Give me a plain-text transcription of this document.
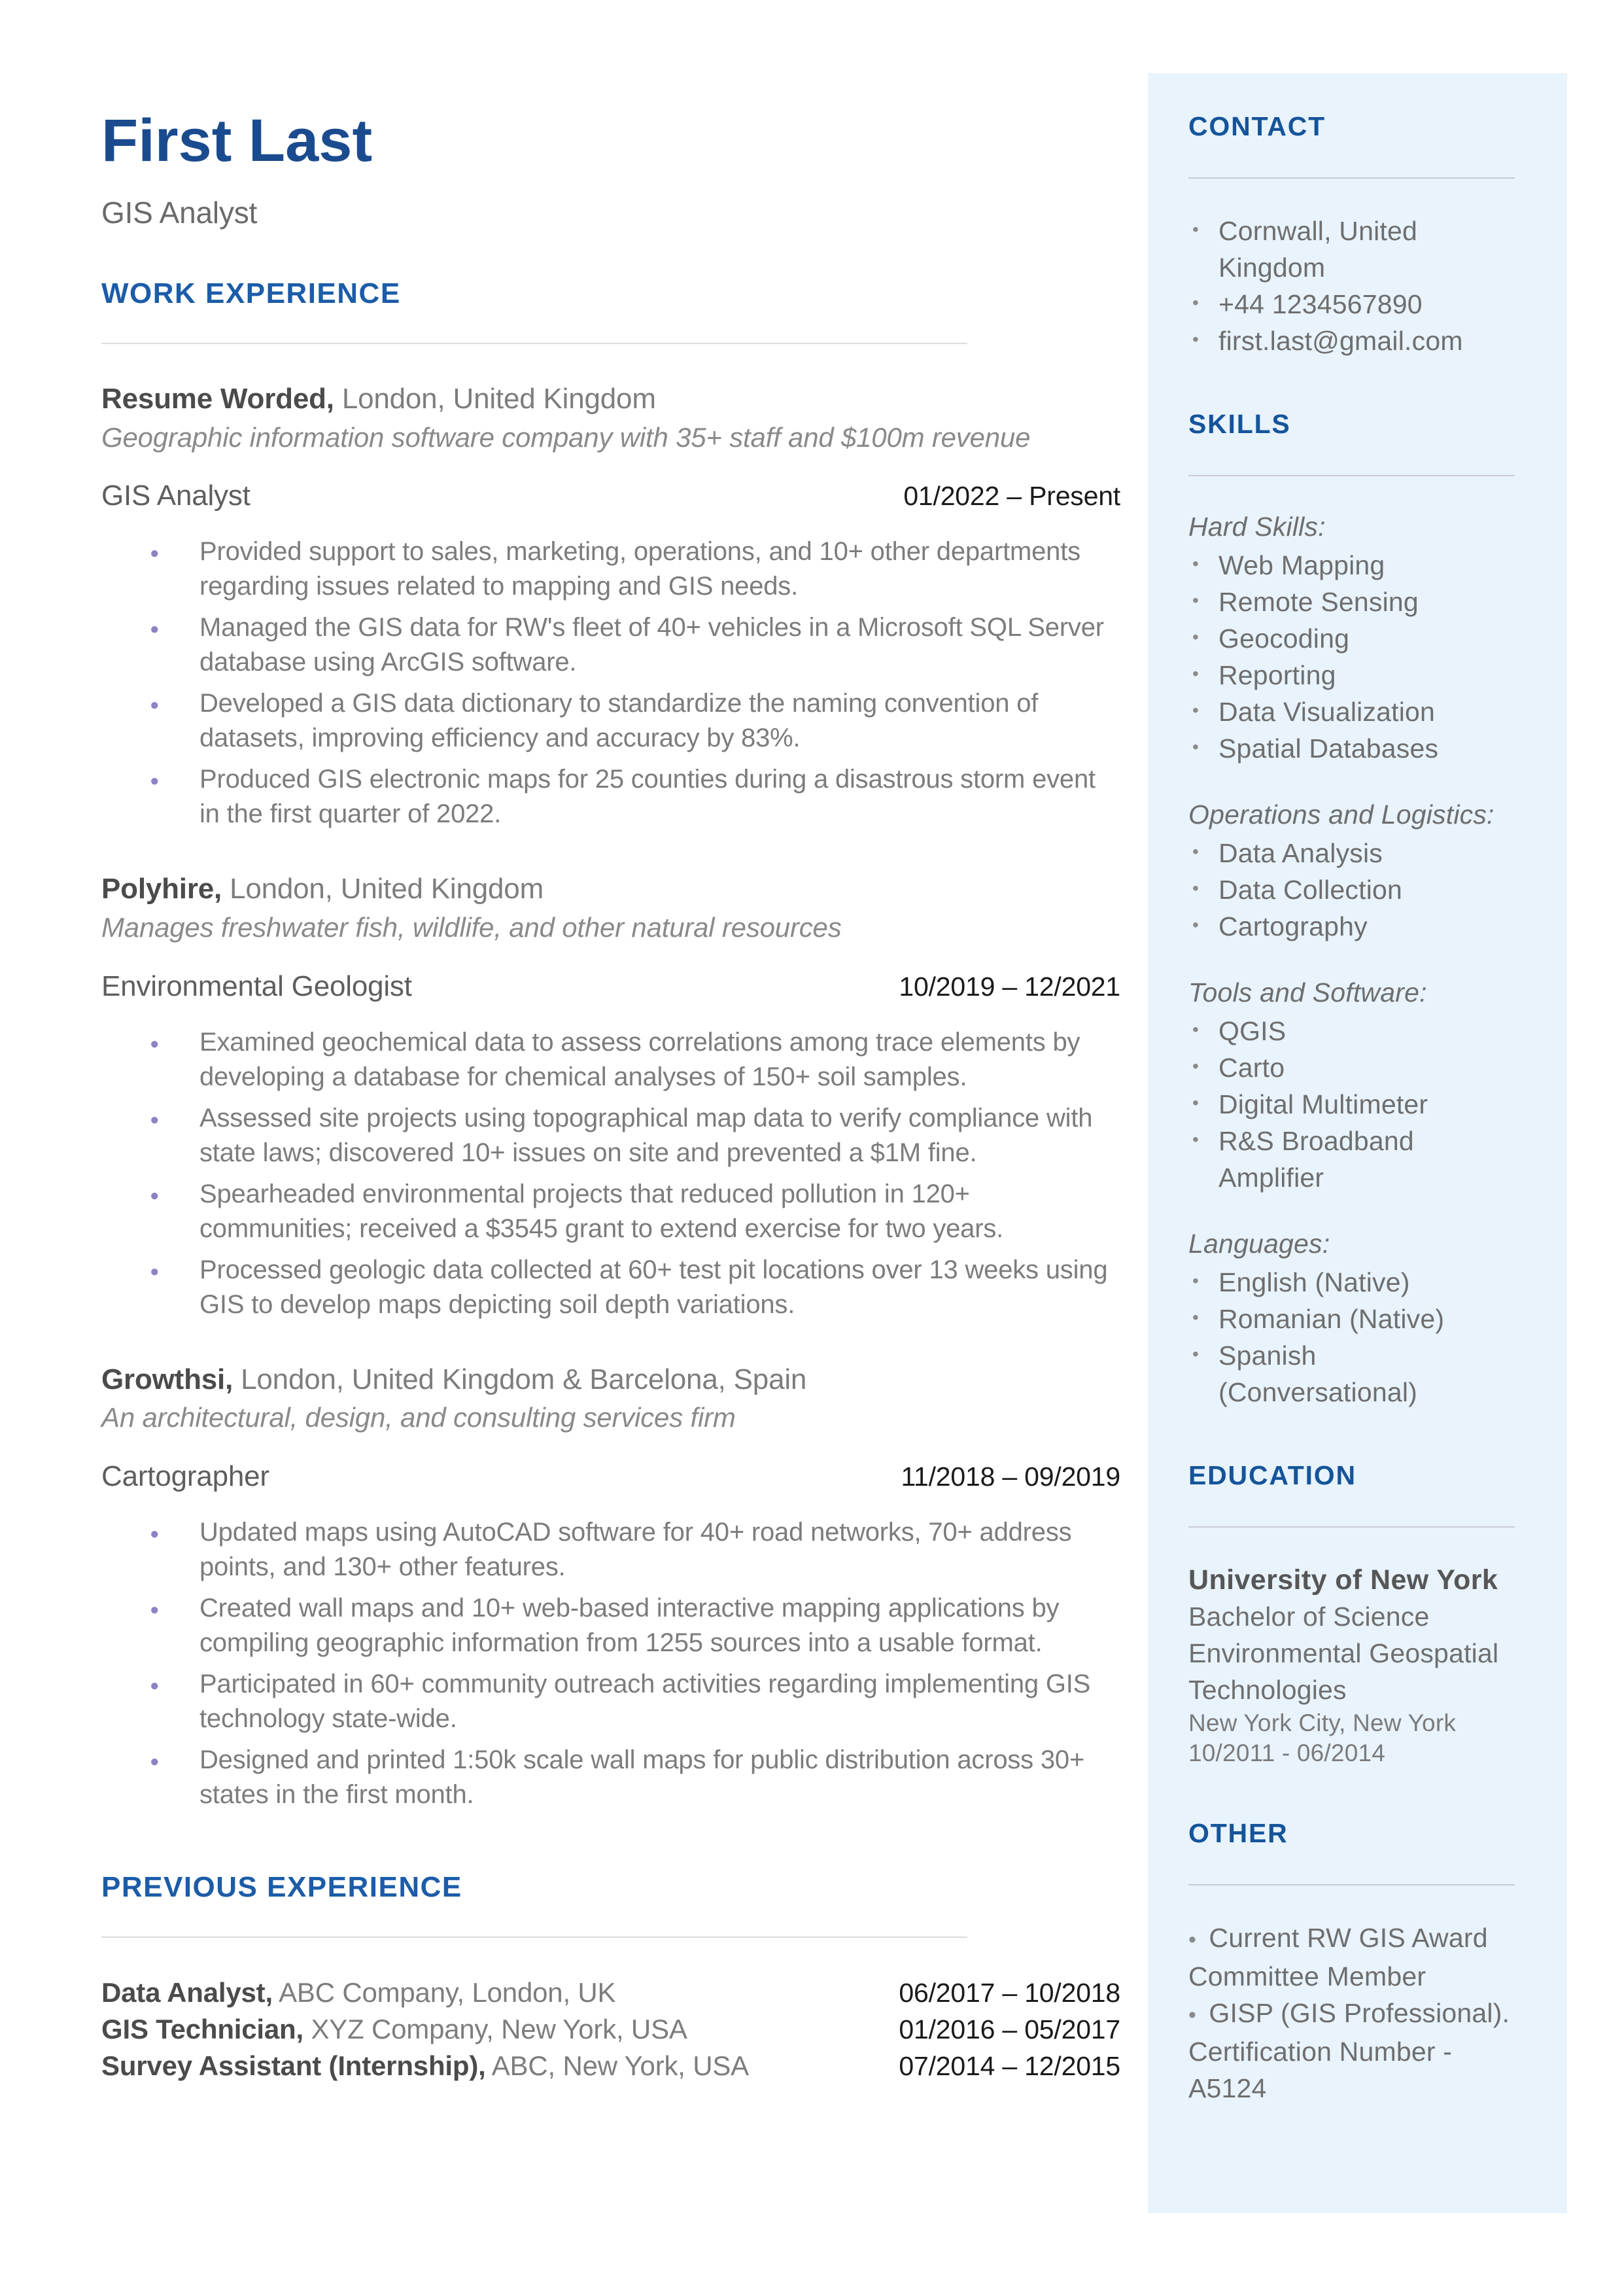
First Last
GIS Analyst
WORK EXPERIENCE

Resume Worded, London, United Kingdom

Geographic information software company with 35+ staff and $100m revenue

GIS Analyst	01/2022 – Present
● Provided support to sales, marketing, operations, and 10+ other departments regarding issues related to mapping and GIS needs.
● Managed the GIS data for RW's fleet of 40+ vehicles in a Microsoft SQL Server database using ArcGIS software.
● Developed a GIS data dictionary to standardize the naming convention of datasets, improving efficiency and accuracy by 83%.
● Produced GIS electronic maps for 25 counties during a disastrous storm event in the first quarter of 2022.

Polyhire, London, United Kingdom

Manages freshwater fish, wildlife, and other natural resources

Environmental Geologist	10/2019 – 12/2021
● Examined geochemical data to assess correlations among trace elements by developing a database for chemical analyses of 150+ soil samples.
● Assessed site projects using topographical map data to verify compliance with state laws; discovered 10+ issues on site and prevented a $1M fine.
● Spearheaded environmental projects that reduced pollution in 120+ communities; received a $3545 grant to extend exercise for two years.
● Processed geologic data collected at 60+ test pit locations over 13 weeks using GIS to develop maps depicting soil depth variations.

Growthsi, London, United Kingdom & Barcelona, Spain

An architectural, design, and consulting services firm

Cartographer	11/2018 – 09/2019
● Updated maps using AutoCAD software for 40+ road networks, 70+ address points, and 130+ other features.
● Created wall maps and 10+ web-based interactive mapping applications by compiling geographic information from 1255 sources into a usable format.
● Participated in 60+ community outreach activities regarding implementing GIS technology state-wide.
● Designed and printed 1:50k scale wall maps for public distribution across 30+ states in the first month.
PREVIOUS EXPERIENCE
Data Analyst, ABC Company, London, UK	06/2017 – 10/2018
GIS Technician, XYZ Company, New York, USA	01/2016 – 05/2017
Survey Assistant (Internship), ABC, New York, USA	07/2014 – 12/2015
CONTACT
• Cornwall, United Kingdom
• +44 1234567890
• first.last@gmail.com
SKILLS

Hard Skills:

• Web Mapping
• Remote Sensing
• Geocoding
• Reporting
• Data Visualization
• Spatial Databases

Operations and Logistics:

• Data Analysis
• Data Collection
• Cartography

Tools and Software:

• QGIS
• Carto
• Digital Multimeter
• R&S Broadband Amplifier

Languages:

• English (Native)
• Romanian (Native)
• Spanish (Conversational)
EDUCATION
University of New York
Bachelor of Science
Environmental Geospatial Technologies
New York City, New York
10/2011 - 06/2014
OTHER
•  Current RW GIS Award Committee Member
•  GISP (GIS Professional). Certification Number - A5124
